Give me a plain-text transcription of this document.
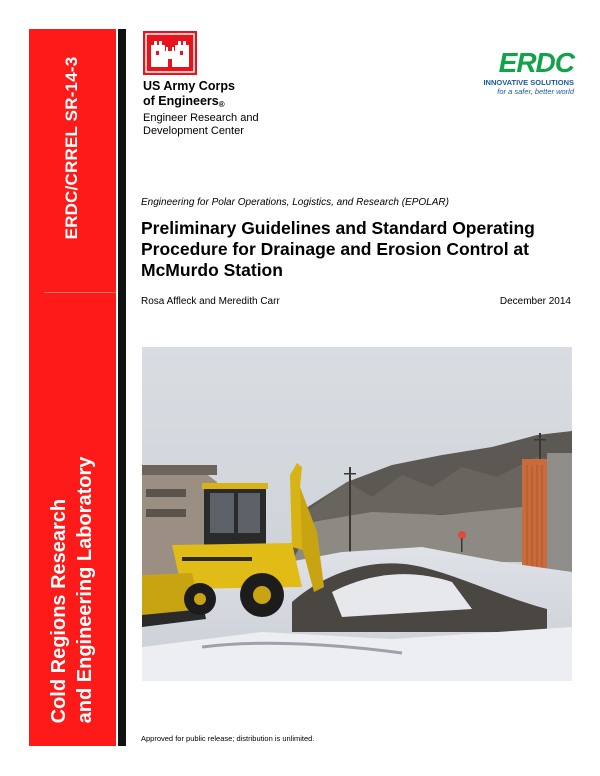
ERDC/CRREL SR-14-3
Cold Regions Research and Engineering Laboratory
US Army Corps
of Engineers$_®$
Engineer Research and
Development Center
ERDC
INNOVATIVE SOLUTIONS
for a safer, better world
Engineering for Polar Operations, Logistics, and Research (EPOLAR)
Preliminary Guidelines and Standard Operating Procedure for Drainage and Erosion Control at McMurdo Station
Rosa Affleck and Meredith Carr	December 2014
Approved for public release; distribution is unlimited.
